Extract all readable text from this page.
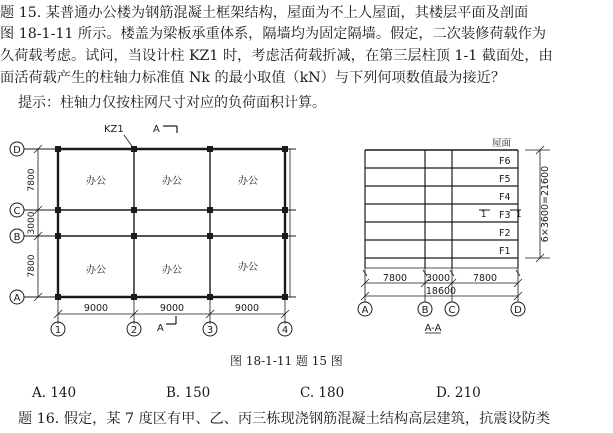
题 15. 某普通办公楼为钢筋混凝土框架结构，屋面为不上人屋面，其楼层平面及剖面
图 18-1-11 所示。楼盖为梁板承重体系，隔墙均为固定隔墙。假定，二次装修荷载作为
久荷载考虑。试问，当设计柱 KZ1 时，考虑活荷载折减，在第三层柱顶 1-1 截面处，由
面活荷载产生的柱轴力标准值 Nk 的最小取值（kN）与下列何项数值最为接近？
提示：柱轴力仅按柱网尺寸对应的负荷面积计算。
KZ1	A
A
办公	办公	办公
办公	办公	办公
D
C
B
A
1	2	3	4
7800
3000
7800
9000	9000	9000
屋面
F6
F5
F4
F3
F2
F1
1	1 6×3600=21600
7800 3000 7800
18600
A	B C	D
A-A
图 18-1-11 题 15 图
A. 140	B. 150	C. 180	D. 210
题 16. 假定，某 7 度区有甲、乙、丙三栋现浇钢筋混凝土结构高层建筑，抗震设防类
